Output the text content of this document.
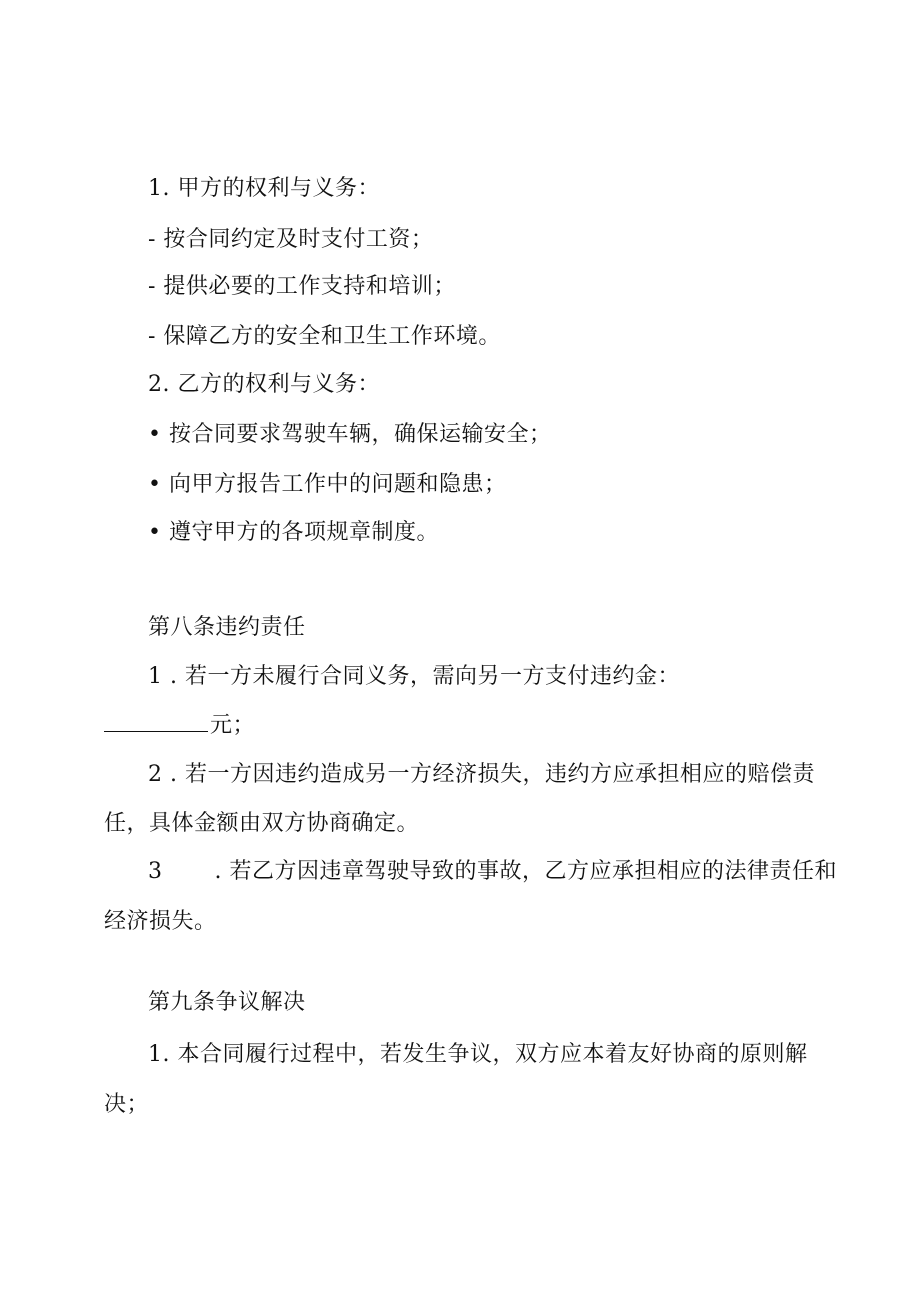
1. 甲方的权利与义务：
- 按合同约定及时支付工资；
- 提供必要的工作支持和培训；
- 保障乙方的安全和卫生工作环境。
2. 乙方的权利与义务：
• 按合同要求驾驶车辆，确保运输安全；
• 向甲方报告工作中的问题和隐患；
• 遵守甲方的各项规章制度。
第八条违约责任
1 . 若一方未履行合同义务，需向另一方支付违约金：
元；
2 . 若一方因违约造成另一方经济损失，违约方应承担相应的赔偿责
任，具体金额由双方协商确定。
3 . 若乙方因违章驾驶导致的事故，乙方应承担相应的法律责任和
经济损失。
第九条争议解决
1. 本合同履行过程中，若发生争议，双方应本着友好协商的原则解
决；
